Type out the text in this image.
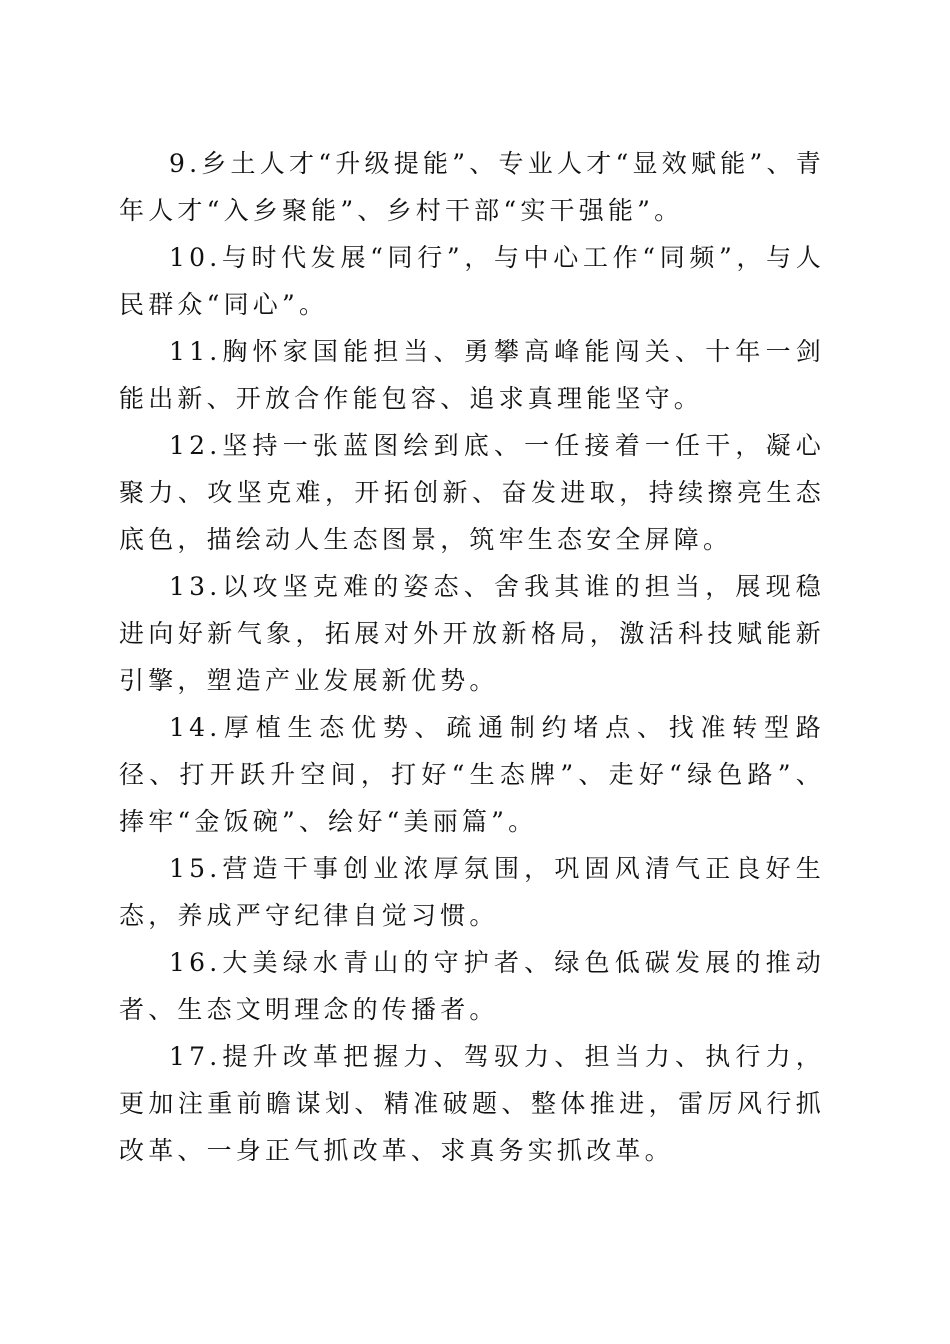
9.乡土人才“升级提能”、专业人才“显效赋能”、青年人才“入乡聚能”、乡村干部“实干强能”。

10.与时代发展“同行”，与中心工作“同频”，与人民群众“同心”。

11.胸怀家国能担当、勇攀高峰能闯关、十年一剑能出新、开放合作能包容、追求真理能坚守。

12.坚持一张蓝图绘到底、一任接着一任干，凝心聚力、攻坚克难，开拓创新、奋发进取，持续擦亮生态底色，描绘动人生态图景，筑牢生态安全屏障。

13.以攻坚克难的姿态、舍我其谁的担当，展现稳进向好新气象，拓展对外开放新格局，激活科技赋能新引擎，塑造产业发展新优势。

14.厚植生态优势、疏通制约堵点、找准转型路径、打开跃升空间，打好“生态牌”、走好“绿色路”、捧牢“金饭碗”、绘好“美丽篇”。

15.营造干事创业浓厚氛围，巩固风清气正良好生态，养成严守纪律自觉习惯。

16.大美绿水青山的守护者、绿色低碳发展的推动者、生态文明理念的传播者。

17.提升改革把握力、驾驭力、担当力、执行力，更加注重前瞻谋划、精准破题、整体推进，雷厉风行抓改革、一身正气抓改革、求真务实抓改革。
